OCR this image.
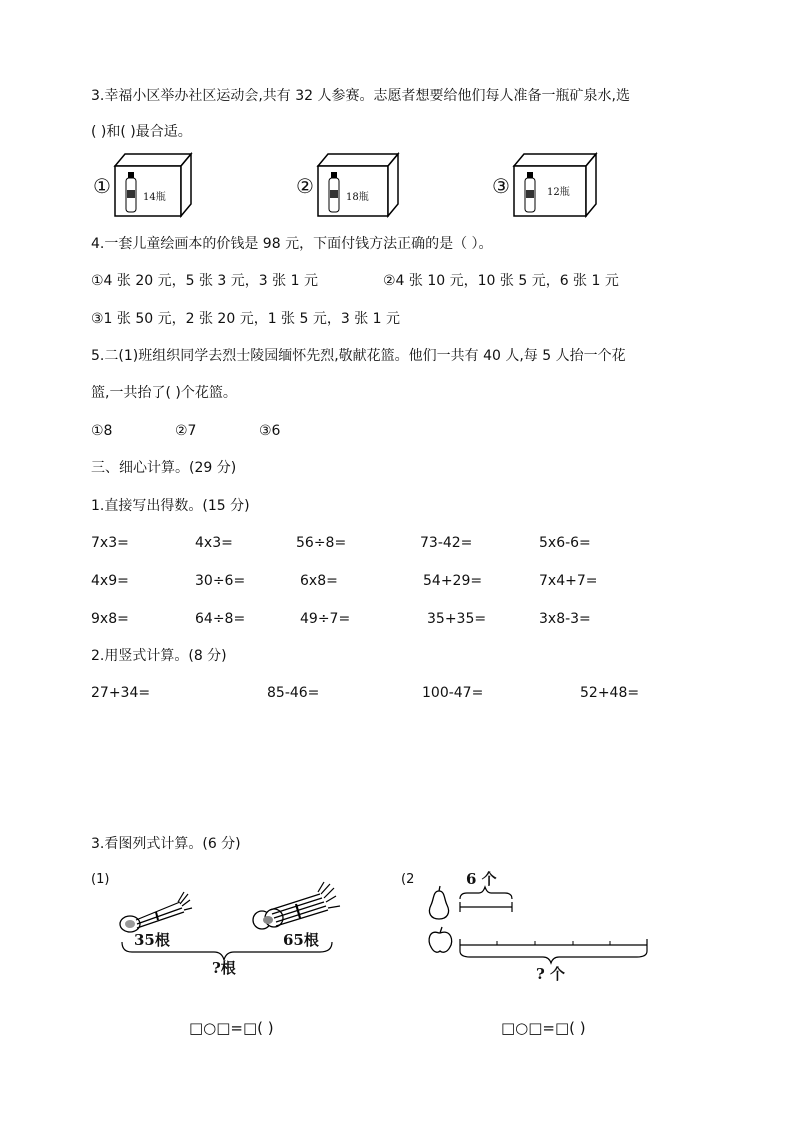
3.幸福小区举办社区运动会,共有 32 人参赛。志愿者想要给他们每人准备一瓶矿泉水,选
( )和( )最合适。
①	14瓶	②	18瓶	③	12瓶
4.一套儿童绘画本的价钱是 98 元，下面付钱方法正确的是（ ）。
①4 张 20 元，5 张 3 元，3 张 1 元	②4 张 10 元，10 张 5 元，6 张 1 元
③1 张 50 元，2 张 20 元，1 张 5 元，3 张 1 元
5.二(1)班组织同学去烈士陵园缅怀先烈,敬献花篮。他们一共有 40 人,每 5 人抬一个花
篮,一共抬了( )个花篮。
①8	②7	③6
三、细心计算。(29 分)
1.直接写出得数。(15 分)
7x3=	4x3=	56÷8=	73-42=	5x6-6=
4x9=	30÷6=	6x8=	54+29=	7x4+7=
9x8=	64÷8=	49÷7=	35+35=	3x8-3=
2.用竖式计算。(8 分)
27+34=	85-46=	100-47=	52+48=
3.看图列式计算。(6 分)
(1)
35根	65根
?根
□○□=□( )
(2	6 个
? 个
□○□=□( )
